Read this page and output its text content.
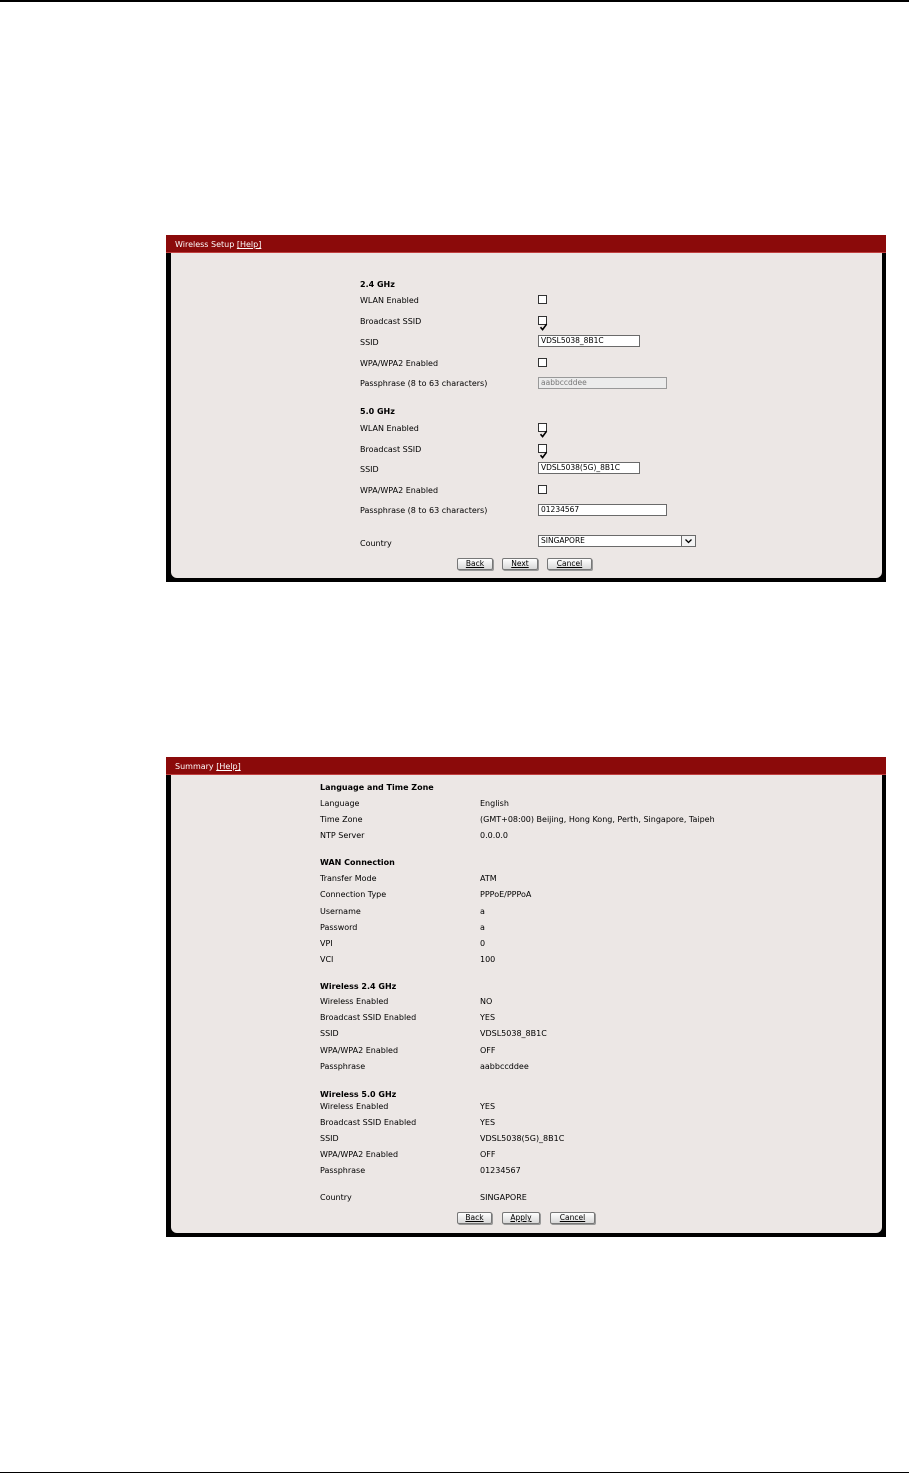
Wireless Setup [Help]
2.4 GHz
WLAN Enabled
Broadcast SSID
SSID	VDSL5038_8B1C
WPA/WPA2 Enabled
Passphrase (8 to 63 characters)	aabbccddee
5.0 GHz
WLAN Enabled
Broadcast SSID
SSID	VDSL5038(5G)_8B1C
WPA/WPA2 Enabled
Passphrase (8 to 63 characters)	01234567
Country	SINGAPORE
Back	Next	Cancel
Summary [Help]
Language and Time Zone
Language	English
Time Zone	(GMT+08:00) Beijing, Hong Kong, Perth, Singapore, Taipeh
NTP Server	0.0.0.0
WAN Connection
Transfer Mode	ATM
Connection Type	PPPoE/PPPoA
Username	a
Password	a
VPI	0
VCI	100
Wireless 2.4 GHz
Wireless Enabled	NO
Broadcast SSID Enabled	YES
SSID	VDSL5038_8B1C
WPA/WPA2 Enabled	OFF
Passphrase	aabbccddee
Wireless 5.0 GHz
Wireless Enabled	YES
Broadcast SSID Enabled	YES
SSID	VDSL5038(5G)_8B1C
WPA/WPA2 Enabled	OFF
Passphrase	01234567
Country	SINGAPORE
Back	Apply	Cancel
